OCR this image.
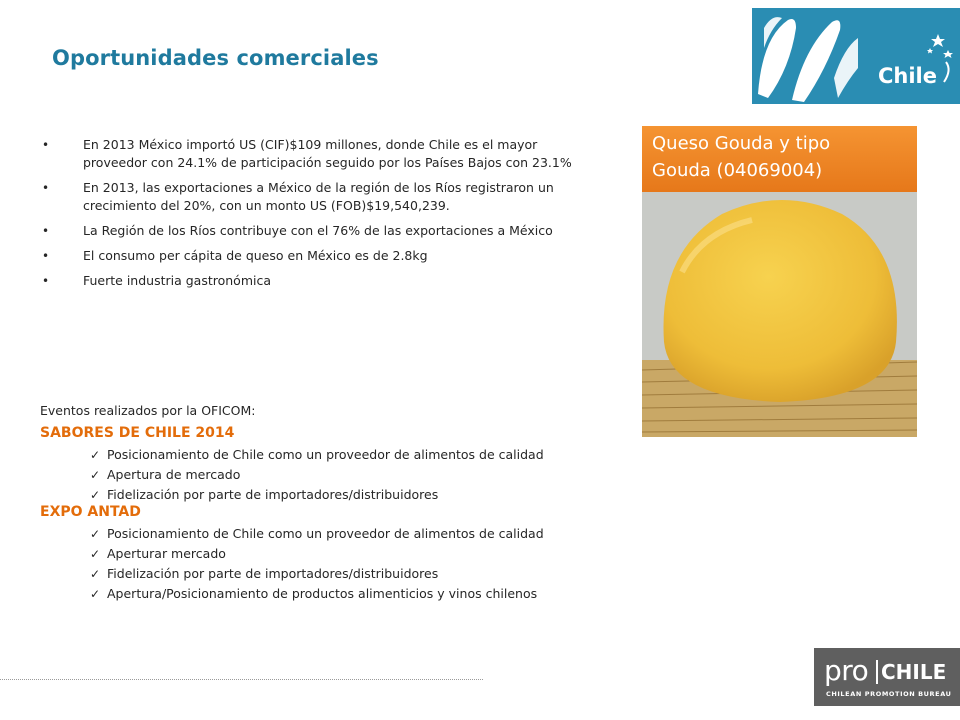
Oportunidades comerciales
Chile
• En 2013 México importó US (CIF)$109 millones, donde Chile es el mayor proveedor con 24.1% de participación seguido por los Países Bajos con 23.1%
• En 2013, las exportaciones a México de la región de los Ríos registraron un crecimiento del 20%, con un monto US (FOB)$19,540,239.
• La Región de los Ríos contribuye con el 76% de las exportaciones a México
• El consumo per cápita de queso en México es de 2.8kg
• Fuerte industria gastronómica
Eventos realizados por la OFICOM:
SABORES DE CHILE 2014
✓ Posicionamiento de Chile como un proveedor de alimentos de calidad
✓ Apertura de mercado
✓ Fidelización por parte de importadores/distribuidores
EXPO ANTAD
✓ Posicionamiento de Chile como un proveedor de alimentos de calidad
✓ Aperturar mercado
✓ Fidelización por parte de importadores/distribuidores
✓ Apertura/Posicionamiento de productos alimenticios y vinos chilenos
Queso Gouda y tipo
Gouda (04069004)
pro CHILE
CHILEAN PROMOTION BUREAU
